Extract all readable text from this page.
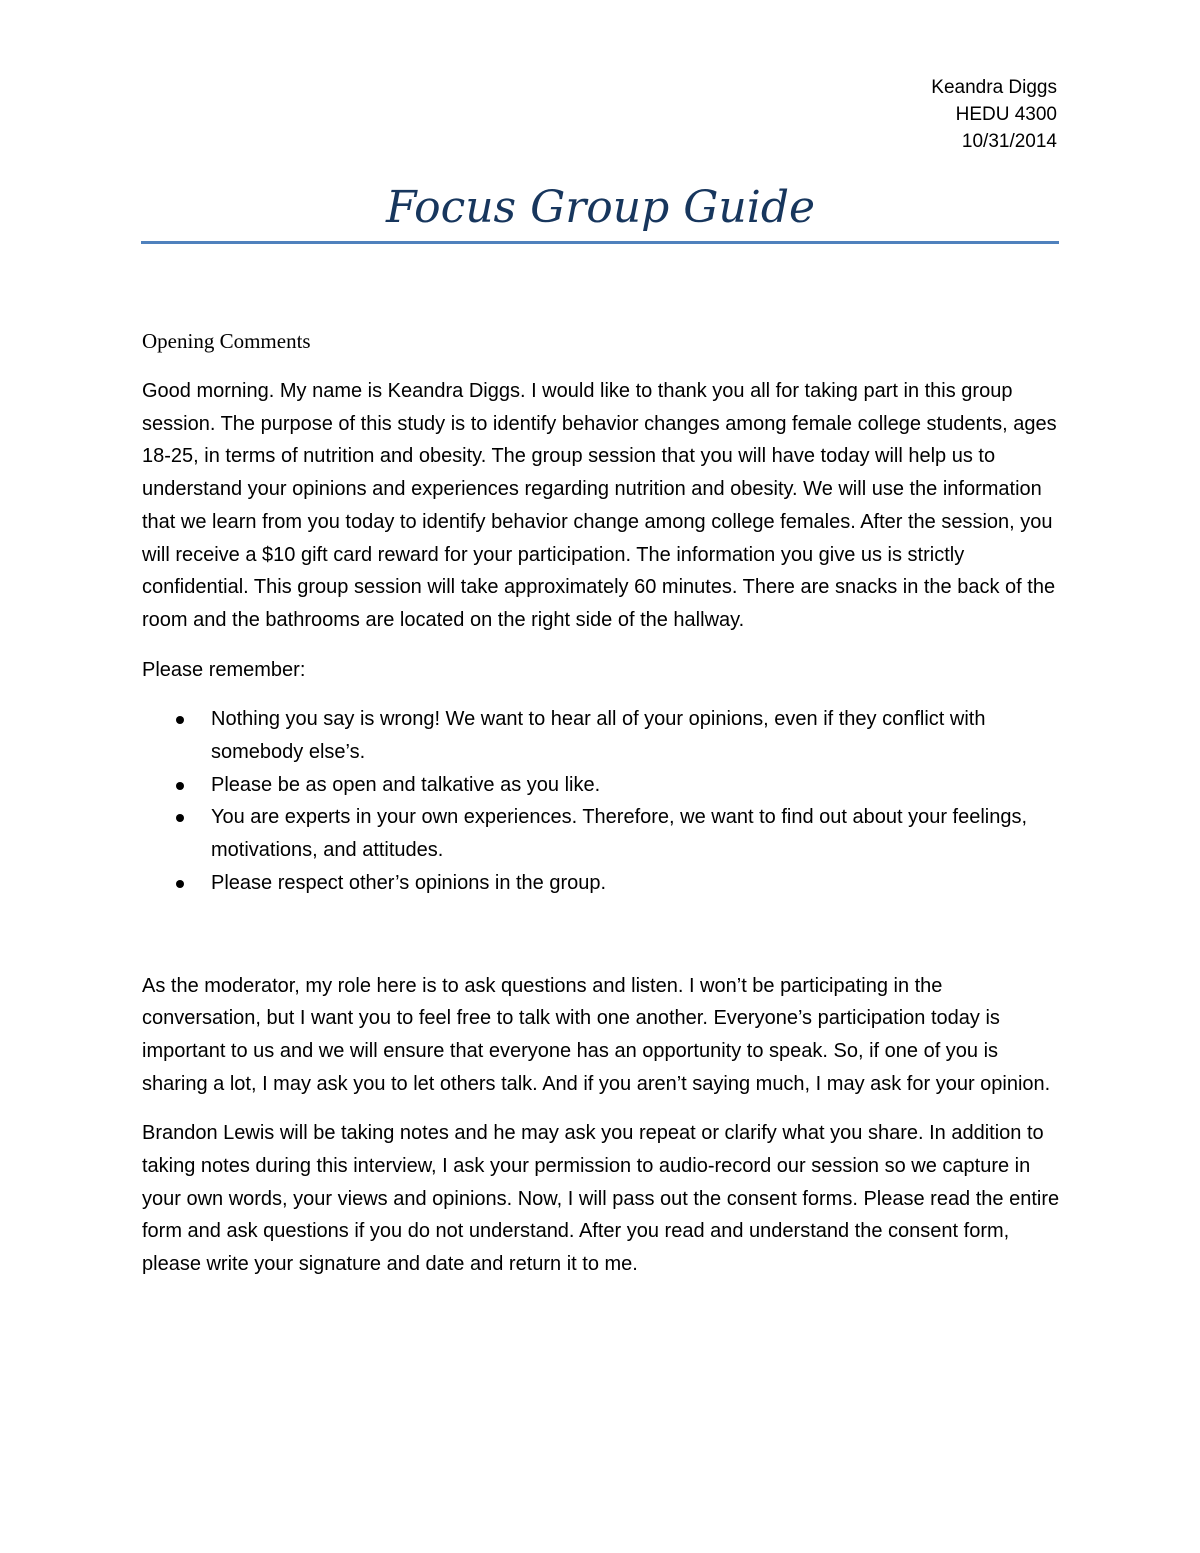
Keandra Diggs
HEDU 4300
10/31/2014
Focus Group Guide
Opening Comments

Good morning. My name is Keandra Diggs. I would like to thank you all for taking part in this group session. The purpose of this study is to identify behavior changes among female college students, ages 18-25, in terms of nutrition and obesity. The group session that you will have today will help us to understand your opinions and experiences regarding nutrition and obesity. We will use the information that we learn from you today to identify behavior change among college females. After the session, you will receive a $10 gift card reward for your participation. The information you give us is strictly confidential. This group session will take approximately 60 minutes. There are snacks in the back of the room and the bathrooms are located on the right side of the hallway.

Please remember:

Nothing you say is wrong! We want to hear all of your opinions, even if they conflict with somebody else’s.
Please be as open and talkative as you like.
You are experts in your own experiences. Therefore, we want to find out about your feelings, motivations, and attitudes.
Please respect other’s opinions in the group.

As the moderator, my role here is to ask questions and listen. I won’t be participating in the conversation, but I want you to feel free to talk with one another. Everyone’s participation today is important to us and we will ensure that everyone has an opportunity to speak. So, if one of you is sharing a lot, I may ask you to let others talk. And if you aren’t saying much, I may ask for your opinion.

Brandon Lewis will be taking notes and he may ask you repeat or clarify what you share. In addition to taking notes during this interview, I ask your permission to audio-record our session so we capture in your own words, your views and opinions. Now, I will pass out the consent forms. Please read the entire form and ask questions if you do not understand. After you read and understand the consent form, please write your signature and date and return it to me.
